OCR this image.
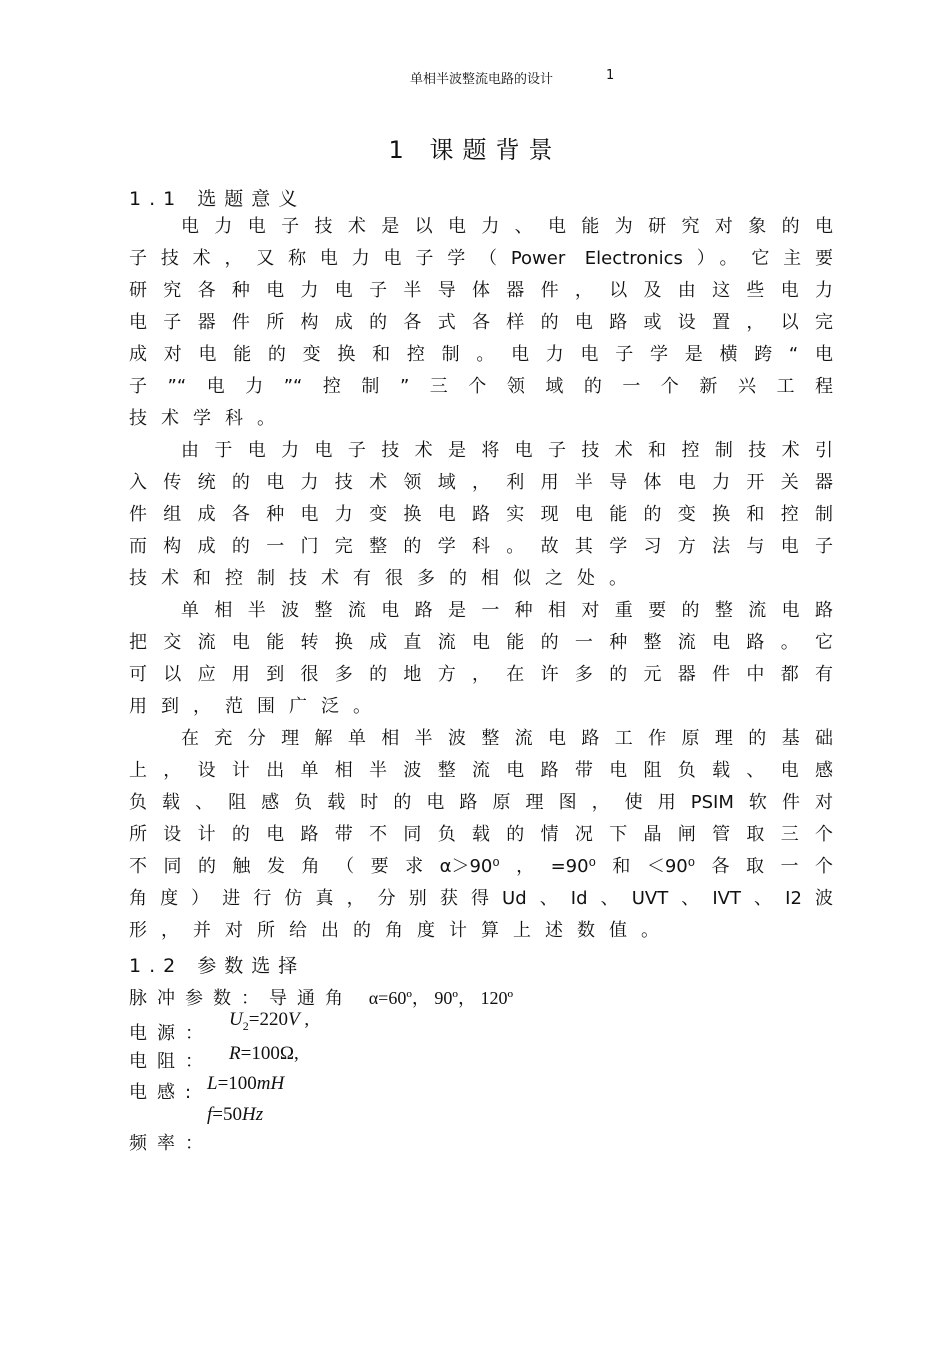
单相半波整流电路的设计	1
1 课题背景
1.1 选题意义
电力电子技术是以电力、电能为研究对象的电
子技术，又称电力电子学（Power Electronics）。它主要
研究各种电力电子半导体器件，以及由这些电力
电子器件所构成的各式各样的电路或设置，以完
成对电能的变换和控制。电力电子学是横跨“电
子”“电力”“控制”三个领域的一个新兴工程
技术学科。
由于电力电子技术是将电子技术和控制技术引
入传统的电力技术领域，利用半导体电力开关器
件组成各种电力变换电路实现电能的变换和控制
而构成的一门完整的学科。故其学习方法与电子
技术和控制技术有很多的相似之处。
单相半波整流电路是一种相对重要的整流电路
把交流电能转换成直流电能的一种整流电路。它
可以应用到很多的地方，在许多的元器件中都有
用到，范围广泛。
在充分理解单相半波整流电路工作原理的基础
上，设计出单相半波整流电路带电阻负载、电感
负载、阻感负载时的电路原理图，使用PSIM软件对
所设计的电路带不同负载的情况下晶闸管取三个
不同的触发角（要求α＞90⁰，=90⁰和＜90⁰各取一个
角度）进行仿真，分别获得Ud、Id、UVT、IVT、I2波
形，并对所给出的角度计算上述数值。
1.2 参数选择
脉冲参数：导通角 α=60º， 90º， 120º
电源：
$U_2=220V$ ,
电阻： R=100Ω,
电感: L=100mH
f=50Hz
频率：
